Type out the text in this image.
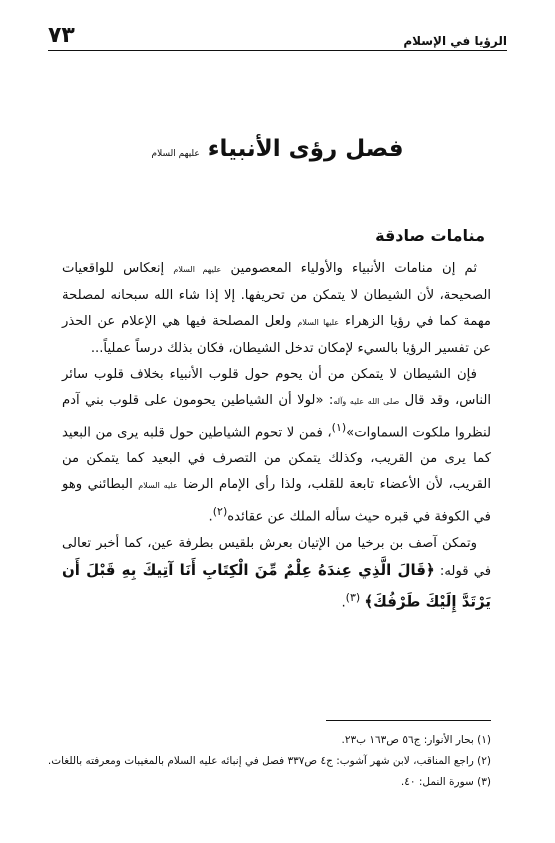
الرؤيا في الإسلام
٧٣
فصل رؤى الأنبياء عليهم السلام
منامات صادقة

ثم إن منامات الأنبياء والأولياء المعصومين عليهم السلام إنعكاس للواقعيات الصحيحة، لأن الشيطان لا يتمكن من تحريفها. إلا إذا شاء الله سبحانه لمصلحة مهمة كما في رؤيا الزهراء عليها السلام ولعل المصلحة فيها هي الإعلام عن الحذر عن تفسير الرؤيا بالسيء لإمكان تدخل الشيطان، فكان بذلك درساً عملياً...

فإن الشيطان لا يتمكن من أن يحوم حول قلوب الأنبياء بخلاف قلوب سائر الناس، وقد قال صلى الله عليه وآله: «لولا أن الشياطين يحومون على قلوب بني آدم لنظروا ملكوت السماوات»$^{(١)}$، فمن لا تحوم الشياطين حول قلبه يرى من البعيد كما يرى من القريب، وكذلك يتمكن من التصرف في البعيد كما يتمكن من القريب، لأن الأعضاء تابعة للقلب، ولذا رأى الإمام الرضا عليه السلام البطائني وهو في الكوفة في قبره حيث سأله الملك عن عقائده$^{(٢)}$.

وتمكن آصف بن برخيا من الإتيان بعرش بلقيس بطرفة عين، كما أخبر تعالى في قوله: ﴿قَالَ الَّذِي عِندَهُ عِلْمٌ مِّنَ الْكِتَابِ أَنَا آتِيكَ بِهِ قَبْلَ أَن يَرْتَدَّ إِلَيْكَ طَرْفُكَ﴾ $^{(٣)}$.

(١) بحار الأنوار: ج٥٦ ص١٦٣ ب٢٣.
(٢) راجع المناقب، لابن شهر آشوب: ج٤ ص٣٣٧ فصل في إنبائه عليه السلام بالمغيبات ومعرفته باللغات.
(٣) سورة النمل: ٤٠.
